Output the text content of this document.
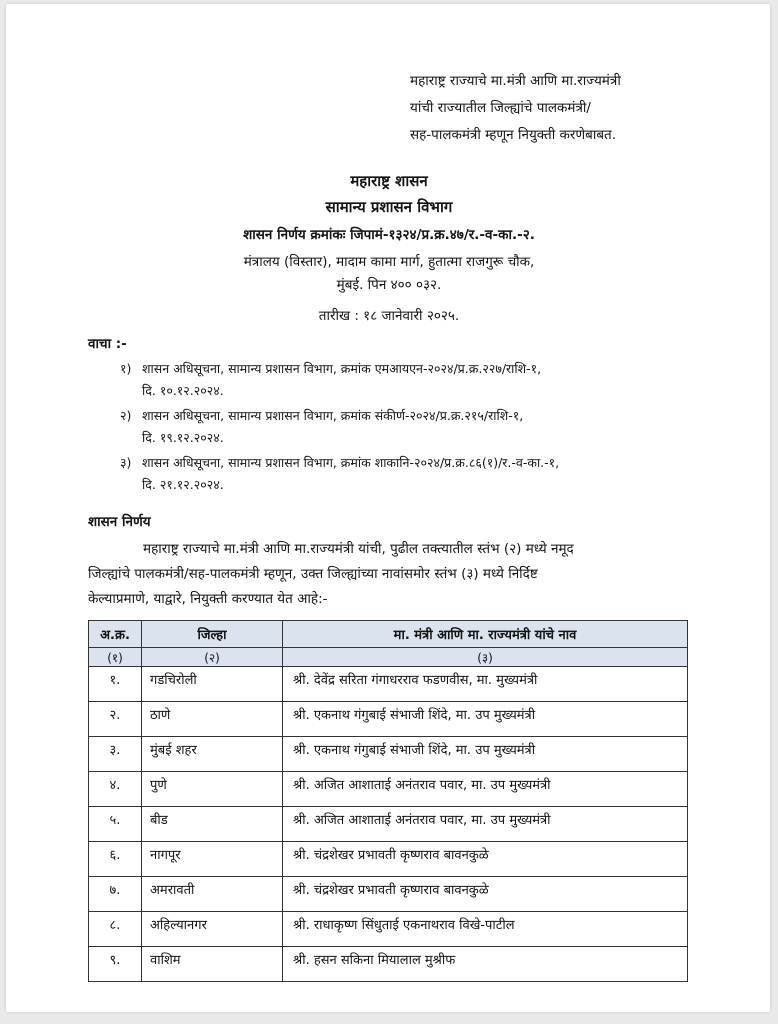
महाराष्ट्र राज्याचे मा.मंत्री आणि मा.राज्यमंत्री
यांची राज्यातील जिल्ह्यांचे पालकमंत्री/
सह-पालकमंत्री म्हणून नियुक्ती करणेबाबत.
महाराष्ट्र शासन
सामान्य प्रशासन विभाग
शासन निर्णय क्रमांकः जिपामं-१३२४/प्र.क्र.४७/र.-व-का.-२.
मंत्रालय (विस्तार), मादाम कामा मार्ग, हुतात्मा राजगुरू चौक,
मुंबई. पिन ४०० ०३२.
तारीख : १८ जानेवारी २०२५.
वाचा :-
१) शासन अधिसूचना, सामान्य प्रशासन विभाग, क्रमांक एमआयएन-२०२४/प्र.क्र.२२७/राशि-१,
दि. १०.१२.२०२४.
२) शासन अधिसूचना, सामान्य प्रशासन विभाग, क्रमांक संकीर्ण-२०२४/प्र.क्र.२१५/राशि-१,
दि. १९.१२.२०२४.
३) शासन अधिसूचना, सामान्य प्रशासन विभाग, क्रमांक शाकानि-२०२४/प्र.क्र.८६(१)/र.-व-का.-१,
दि. २१.१२.२०२४.
शासन निर्णय
महाराष्ट्र राज्याचे मा.मंत्री आणि मा.राज्यमंत्री यांची, पुढील तक्त्यातील स्तंभ (२) मध्ये नमूद
जिल्ह्यांचे पालकमंत्री/सह-पालकमंत्री म्हणून, उक्त जिल्ह्यांच्या नावांसमोर स्तंभ (३) मध्ये निर्दिष्ट
केल्याप्रमाणे, याद्वारे, नियुक्ती करण्यात येत आहे:-
अ.क्र.	जिल्हा	मा. मंत्री आणि मा. राज्यमंत्री यांचे नाव
(१)	(२)	(३)
१.	गडचिरोली	श्री. देवेंद्र सरिता गंगाधरराव फडणवीस, मा. मुख्यमंत्री
२.	ठाणे	श्री. एकनाथ गंगुबाई संभाजी शिंदे, मा. उप मुख्यमंत्री
३.	मुंबई शहर	श्री. एकनाथ गंगुबाई संभाजी शिंदे, मा. उप मुख्यमंत्री
४.	पुणे	श्री. अजित आशाताई अनंतराव पवार, मा. उप मुख्यमंत्री
५.	बीड	श्री. अजित आशाताई अनंतराव पवार, मा. उप मुख्यमंत्री
६.	नागपूर	श्री. चंद्रशेखर प्रभावती कृष्णराव बावनकुळे
७.	अमरावती	श्री. चंद्रशेखर प्रभावती कृष्णराव बावनकुळे
८.	अहिल्यानगर	श्री. राधाकृष्ण सिंधुताई एकनाथराव विखे-पाटील
९.	वाशिम	श्री. हसन सकिना मियालाल मुश्रीफ
